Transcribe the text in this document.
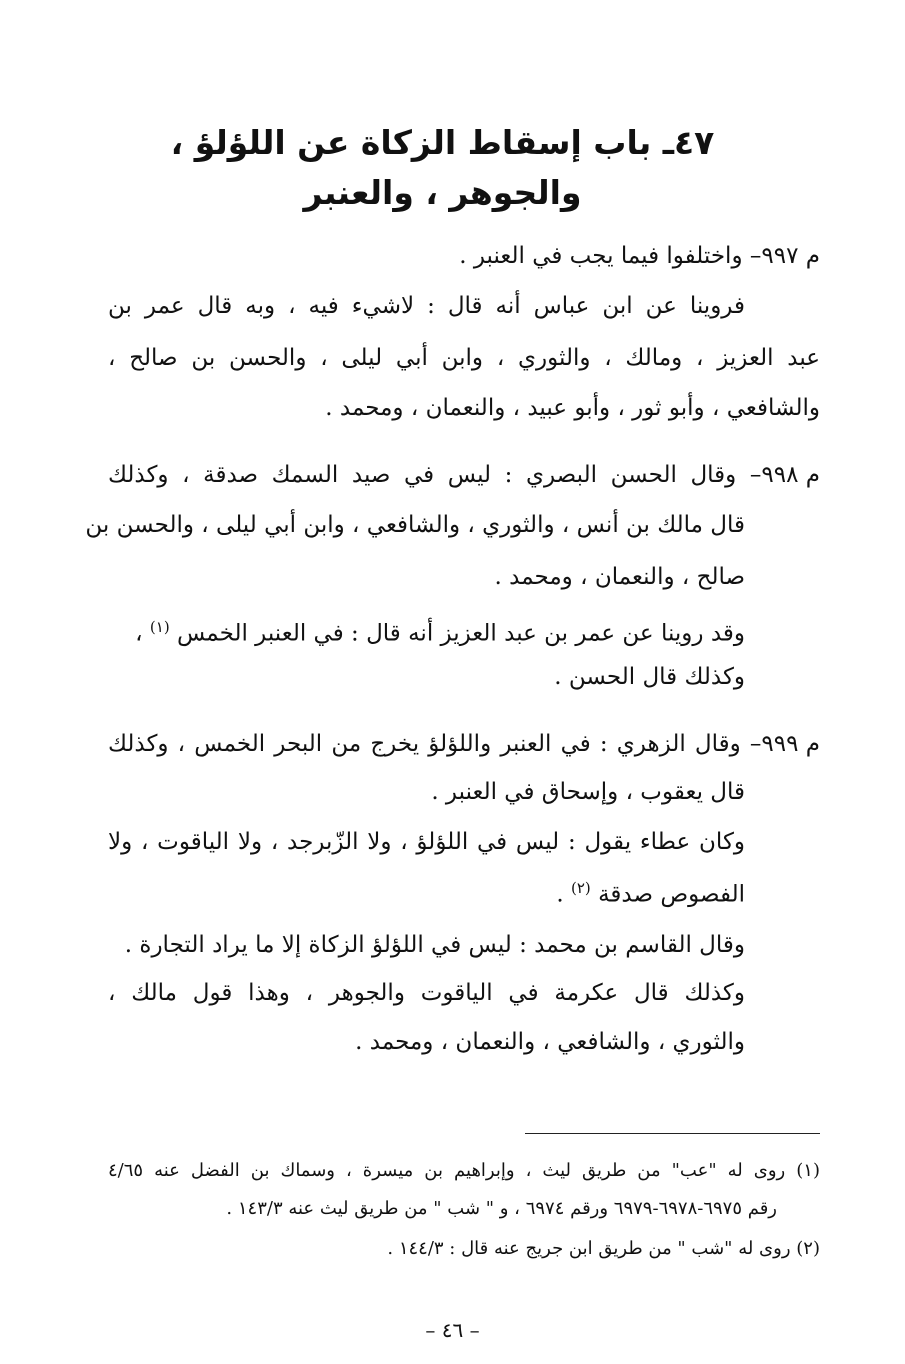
٤٧ـ باب إسقاط الزكاة عن اللؤلؤ ، والجوهر ، والعنبر
م ٩٩٧– واختلفوا فيما يجب في العنبر .
فروينا عن ابن عباس أنه قال : لاشيء فيه ، وبه قال عمر بن
عبد العزيز ، ومالك ، والثوري ، وابن أبي ليلى ، والحسن بن صالح ،
والشافعي ، وأبو ثور ، وأبو عبيد ، والنعمان ، ومحمد .
م ٩٩٨– وقال الحسن البصري : ليس في صيد السمك صدقة ، وكذلك
قال مالك بن أنس ، والثوري ، والشافعي ، وابن أبي ليلى ، والحسن بن
صالح ، والنعمان ، ومحمد .
وقد روينا عن عمر بن عبد العزيز أنه قال : في العنبر الخمس $^{(١)}$ ،
وكذلك قال الحسن .
م ٩٩٩– وقال الزهري : في العنبر واللؤلؤ يخرج من البحر الخمس ، وكذلك
قال يعقوب ، وإسحاق في العنبر .
وكان عطاء يقول : ليس في اللؤلؤ ، ولا الزّبرجد ، ولا الياقوت ، ولا
الفصوص صدقة $^{(٢)}$ .
وقال القاسم بن محمد : ليس في اللؤلؤ الزكاة إلا ما يراد التجارة .
وكذلك قال عكرمة في الياقوت والجوهر ، وهذا قول مالك ،
والثوري ، والشافعي ، والنعمان ، ومحمد .
(١) روى له "عب" من طريق ليث ، وإبراهيم بن ميسرة ، وسماك بن الفضل عنه ٤/٦٥
رقم ٦٩٧٥-٦٩٧٨-٦٩٧٩ ورقم ٦٩٧٤ ، و " شب " من طريق ليث عنه ١٤٣/٣ .
(٢) روى له "شب " من طريق ابن جريج عنه قال : ١٤٤/٣ .
– ٤٦ –
